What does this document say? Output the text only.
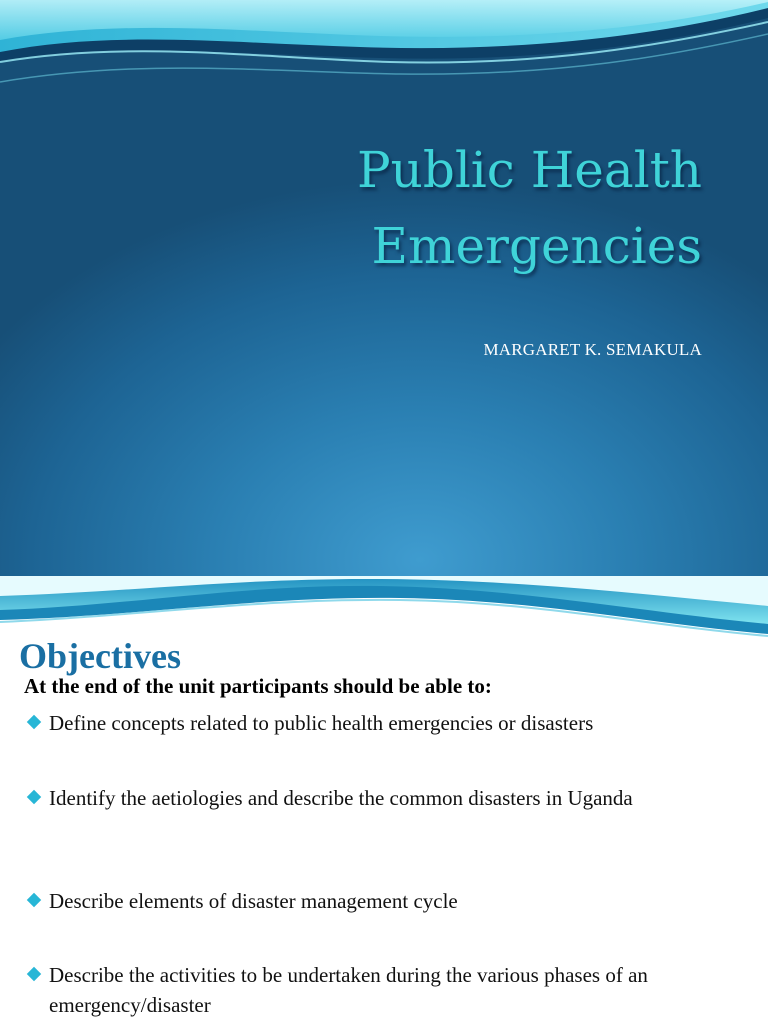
Public Health
Emergencies
MARGARET K. SEMAKULA
Objectives

At the end of the unit participants should be able to:

Define concepts related to public health emergencies or disasters
Identify the aetiologies and describe the common disasters in Uganda
Describe elements of disaster management cycle
Describe the activities to be undertaken during the various phases of an emergency/disaster
